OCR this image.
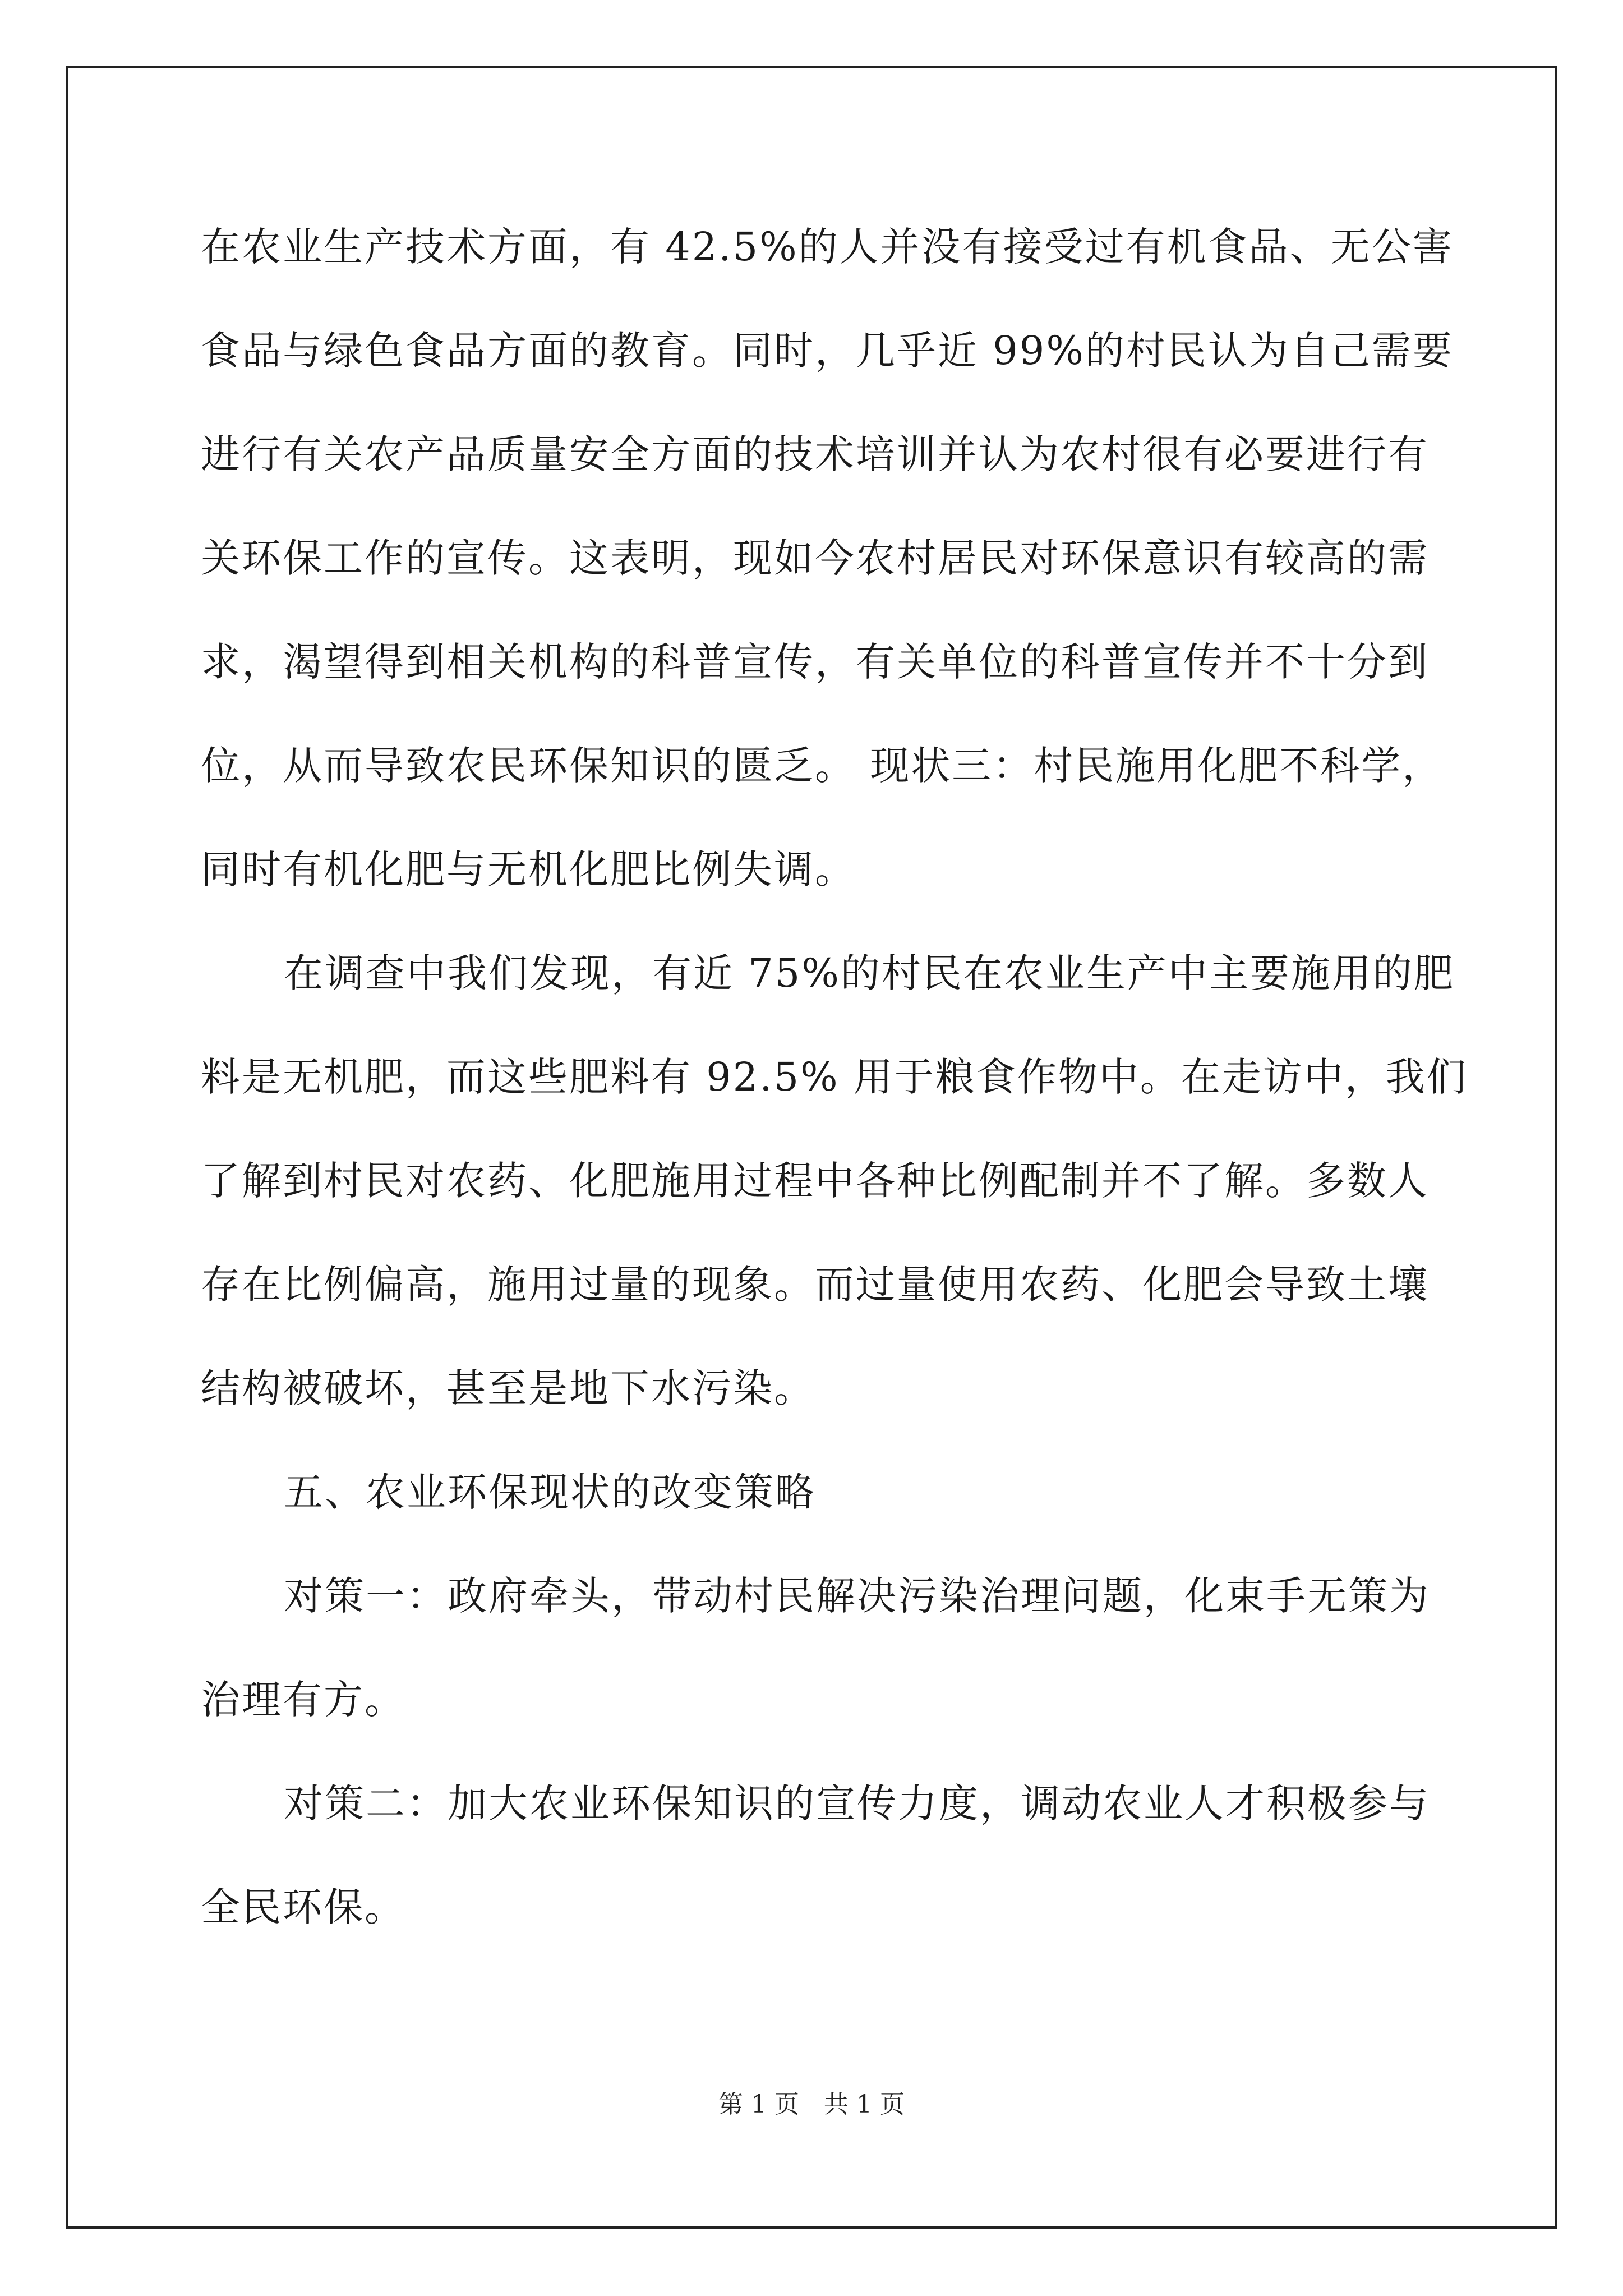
在农业生产技术方面，有 42.5%的人并没有接受过有机食品、无公害
食品与绿色食品方面的教育。同时，几乎近 99%的村民认为自己需要
进行有关农产品质量安全方面的技术培训并认为农村很有必要进行有
关环保工作的宣传。这表明，现如今农村居民对环保意识有较高的需
求，渴望得到相关机构的科普宣传，有关单位的科普宣传并不十分到
位，从而导致农民环保知识的匮乏。 现状三：村民施用化肥不科学，
同时有机化肥与无机化肥比例失调。
在调查中我们发现，有近 75%的村民在农业生产中主要施用的肥
料是无机肥，而这些肥料有 92.5% 用于粮食作物中。在走访中，我们
了解到村民对农药、化肥施用过程中各种比例配制并不了解。多数人
存在比例偏高，施用过量的现象。而过量使用农药、化肥会导致土壤
结构被破坏，甚至是地下水污染。
五、农业环保现状的改变策略
对策一：政府牵头，带动村民解决污染治理问题，化束手无策为
治理有方。
对策二：加大农业环保知识的宣传力度，调动农业人才积极参与
全民环保。
第 1 页　共 1 页
